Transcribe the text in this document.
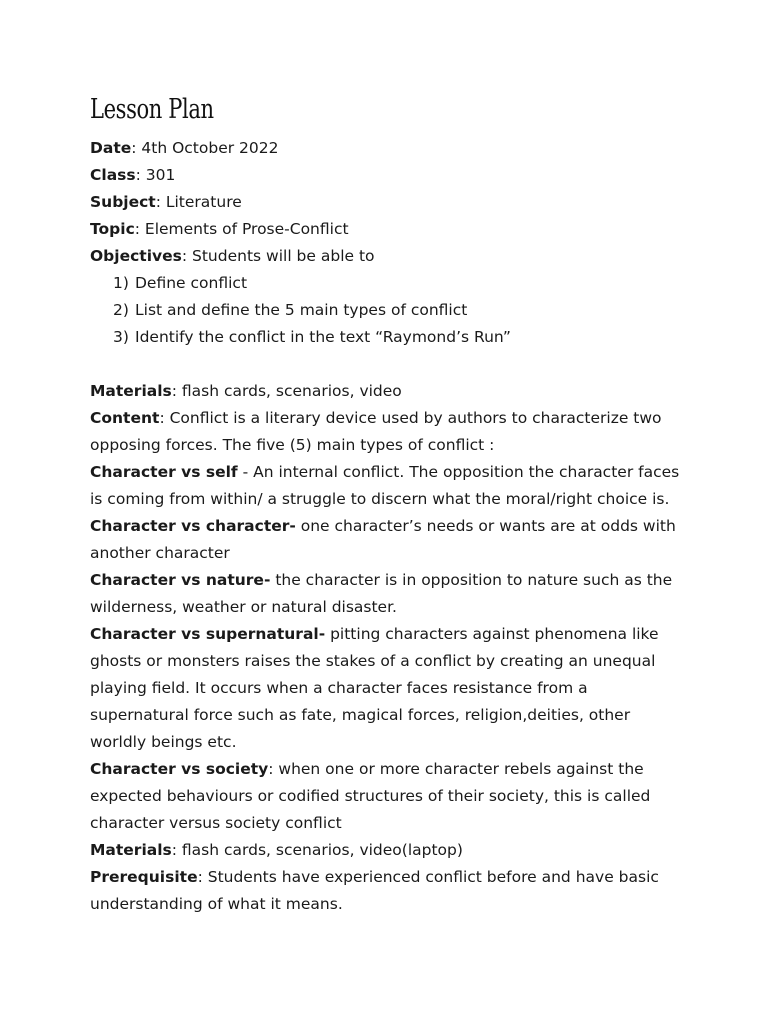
Lesson Plan
Date: 4th October 2022
Class: 301
Subject: Literature
Topic: Elements of Prose-Conflict
Objectives: Students will be able to
1) Define conflict
2) List and define the 5 main types of conflict
3) Identify the conflict in the text “Raymond’s Run”
Materials: flash cards, scenarios, video
Content: Conflict is a literary device used by authors to characterize two
opposing forces. The five (5) main types of conflict :
Character vs self - An internal conflict. The opposition the character faces
is coming from within/ a struggle to discern what the moral/right choice is.
Character vs character- one character’s needs or wants are at odds with
another character
Character vs nature- the character is in opposition to nature such as the
wilderness, weather or natural disaster.
Character vs supernatural- pitting characters against phenomena like
ghosts or monsters raises the stakes of a conflict by creating an unequal
playing field. It occurs when a character faces resistance from a
supernatural force such as fate, magical forces, religion,deities, other
worldly beings etc.
Character vs society: when one or more character rebels against the
expected behaviours or codified structures of their society, this is called
character versus society conflict
Materials: flash cards, scenarios, video(laptop)
Prerequisite: Students have experienced conflict before and have basic
understanding of what it means.
